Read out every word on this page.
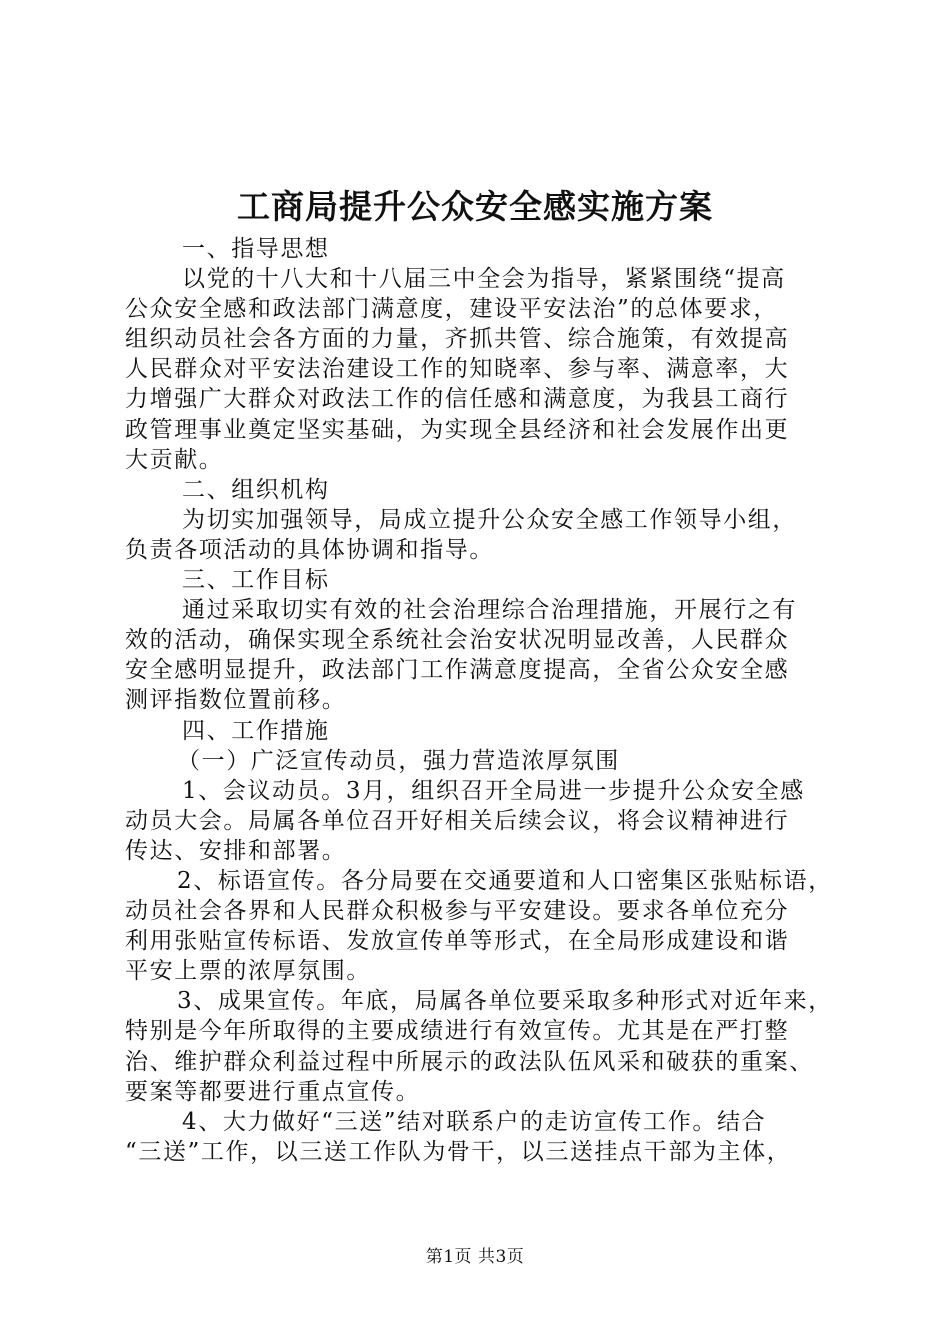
工商局提升公众安全感实施方案
一、指导思想
以党的十八大和十八届三中全会为指导，紧紧围绕“提高
公众安全感和政法部门满意度，建设平安法治”的总体要求，
组织动员社会各方面的力量，齐抓共管、综合施策，有效提高
人民群众对平安法治建设工作的知晓率、参与率、满意率，大
力增强广大群众对政法工作的信任感和满意度，为我县工商行
政管理事业奠定坚实基础，为实现全县经济和社会发展作出更
大贡献。
二、组织机构
为切实加强领导，局成立提升公众安全感工作领导小组，
负责各项活动的具体协调和指导。
三、工作目标
通过采取切实有效的社会治理综合治理措施，开展行之有
效的活动，确保实现全系统社会治安状况明显改善，人民群众
安全感明显提升，政法部门工作满意度提高，全省公众安全感
测评指数位置前移。
四、工作措施
（一）广泛宣传动员，强力营造浓厚氛围
1、会议动员。3月，组织召开全局进一步提升公众安全感
动员大会。局属各单位召开好相关后续会议，将会议精神进行
传达、安排和部署。
2、标语宣传。各分局要在交通要道和人口密集区张贴标语，
动员社会各界和人民群众积极参与平安建设。要求各单位充分
利用张贴宣传标语、发放宣传单等形式，在全局形成建设和谐
平安上票的浓厚氛围。
3、成果宣传。年底，局属各单位要采取多种形式对近年来，
特别是今年所取得的主要成绩进行有效宣传。尤其是在严打整
治、维护群众利益过程中所展示的政法队伍风采和破获的重案、
要案等都要进行重点宣传。
4、大力做好“三送”结对联系户的走访宣传工作。结合
“三送”工作，以三送工作队为骨干，以三送挂点干部为主体，
第1页 共3页
